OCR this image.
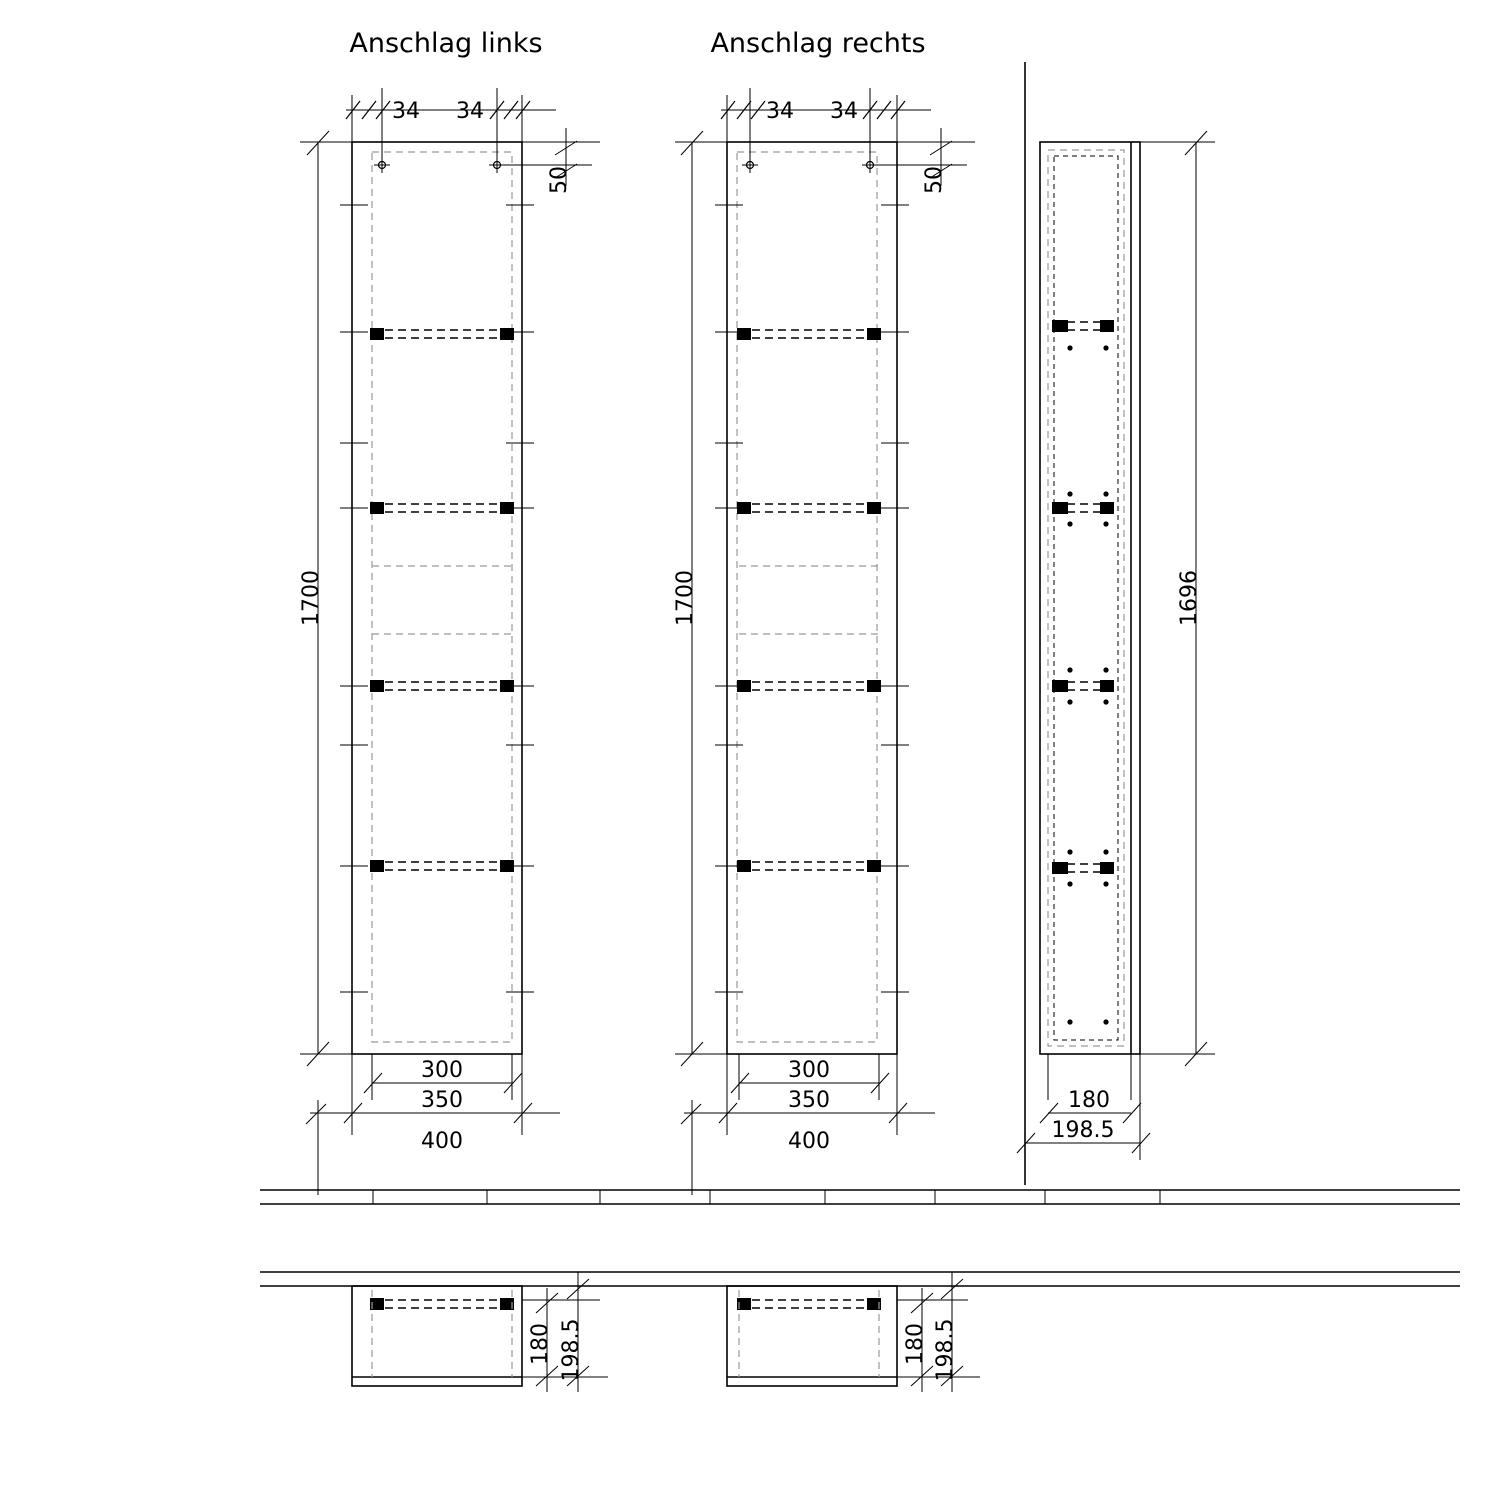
50
1700
300
350
400
50
1700
300
350
400
1696
180
198.5
180 198.5	180 198.5
34 34	34 34
Anschlag links	Anschlag rechts
